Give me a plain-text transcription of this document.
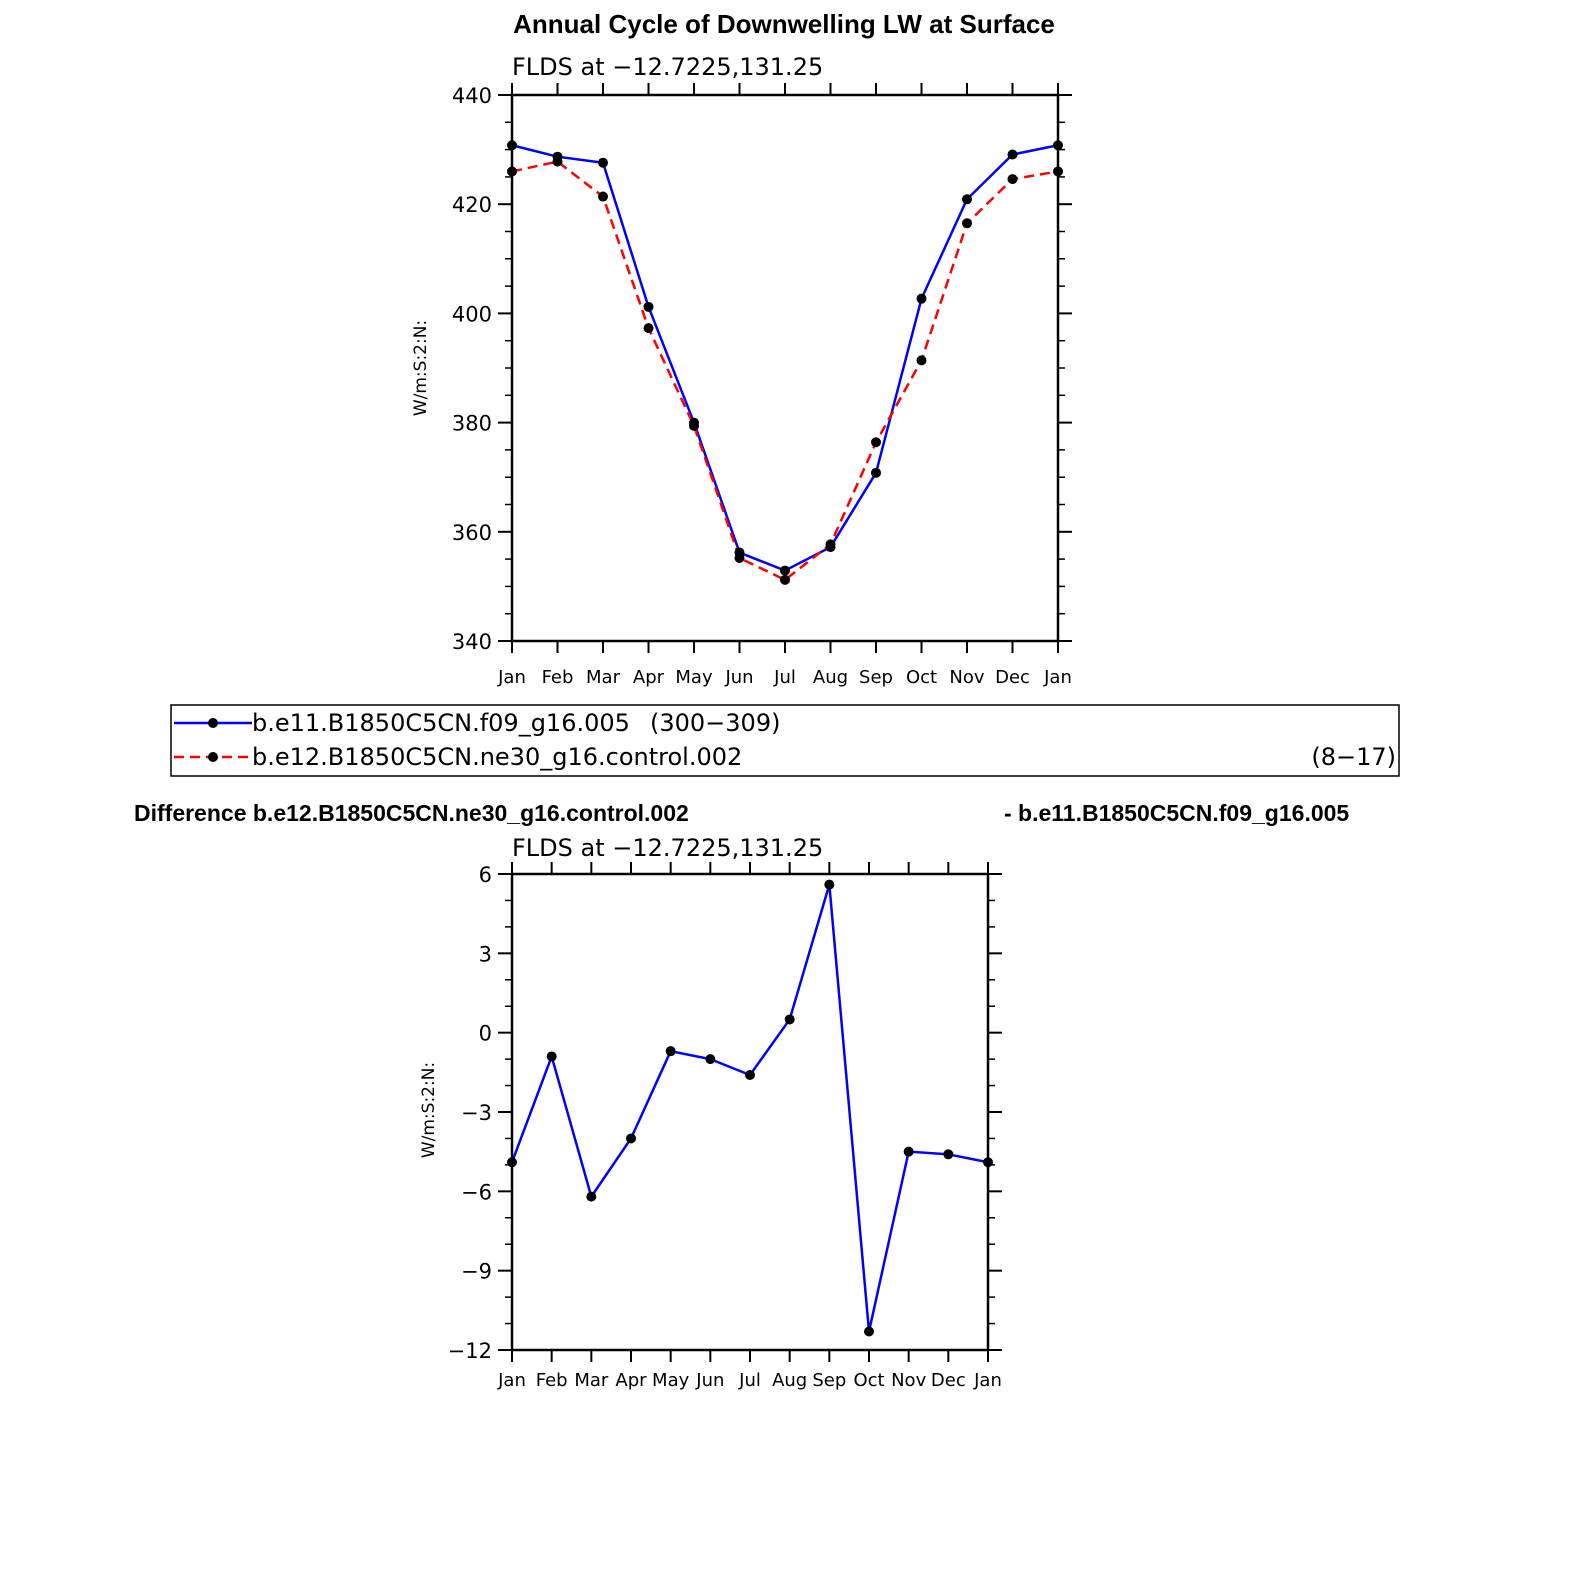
Annual Cycle of Downwelling LW at Surface
FLDS at −12.7225,131.25
W/m:S:2:N:
340
360
380
400
420
440
Jan Feb Mar Apr May Jun Jul Aug Sep Oct Nov Dec Jan
b.e11.B1850C5CN.f09_g16.005 (300−309)
b.e12.B1850C5CN.ne30_g16.control.002	(8−17)
Difference b.e12.B1850C5CN.ne30_g16.control.002	- b.e11.B1850C5CN.f09_g16.005
FLDS at −12.7225,131.25
W/m:S:2:N:
−12
−9
−6
−3
0
3
6
Jan Feb Mar Apr May Jun Jul Aug Sep Oct Nov Dec Jan
